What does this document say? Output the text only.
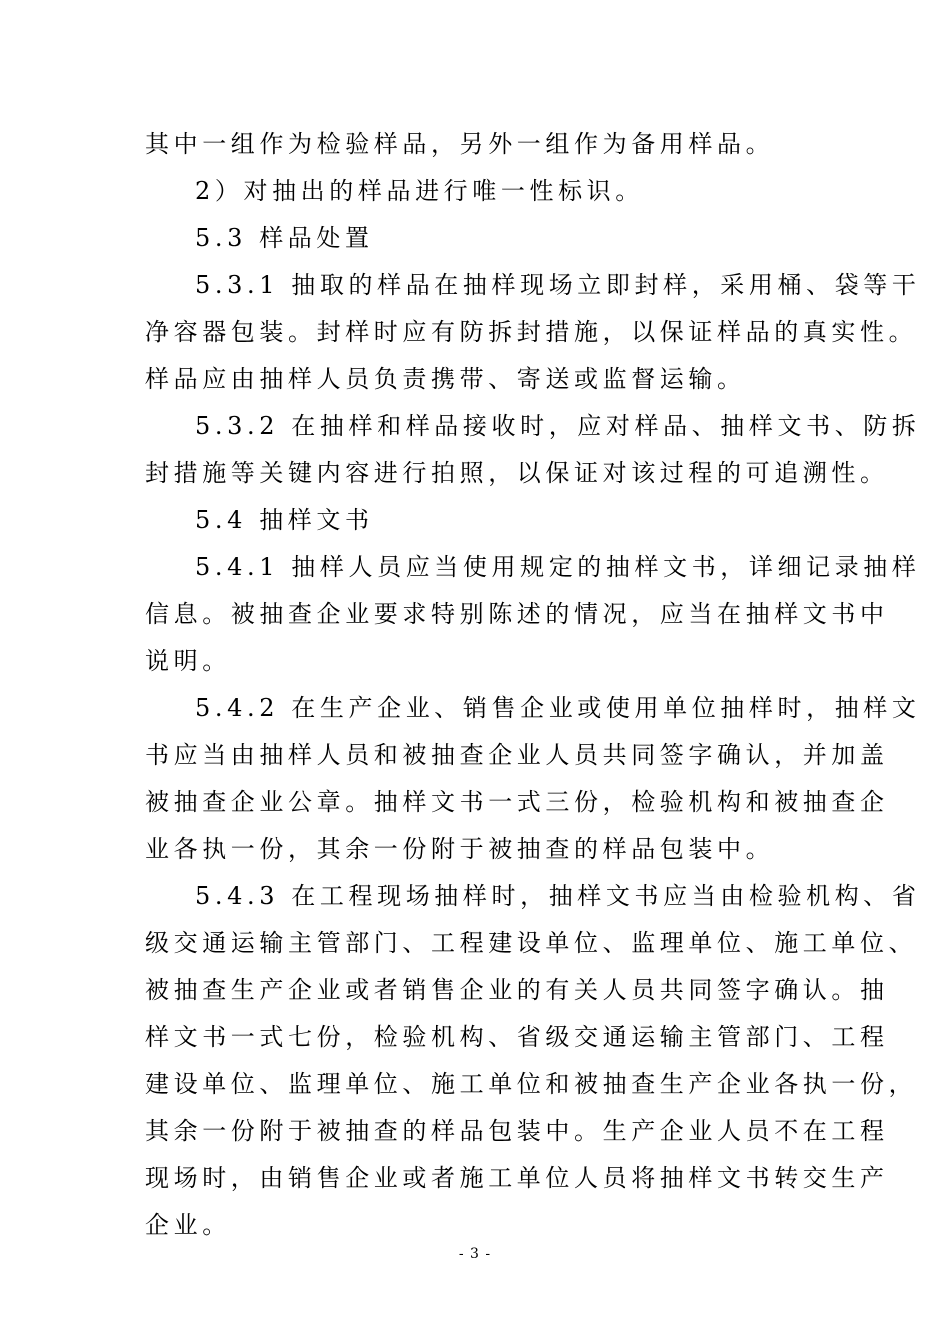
其中一组作为检验样品，另外一组作为备用样品。
2）对抽出的样品进行唯一性标识。
5.3 样品处置
5.3.1 抽取的样品在抽样现场立即封样，采用桶、袋等干
净容器包装。封样时应有防拆封措施，以保证样品的真实性。
样品应由抽样人员负责携带、寄送或监督运输。
5.3.2 在抽样和样品接收时，应对样品、抽样文书、防拆
封措施等关键内容进行拍照，以保证对该过程的可追溯性。
5.4 抽样文书
5.4.1 抽样人员应当使用规定的抽样文书，详细记录抽样
信息。被抽查企业要求特别陈述的情况，应当在抽样文书中
说明。
5.4.2 在生产企业、销售企业或使用单位抽样时，抽样文
书应当由抽样人员和被抽查企业人员共同签字确认，并加盖
被抽查企业公章。抽样文书一式三份，检验机构和被抽查企
业各执一份，其余一份附于被抽查的样品包装中。
5.4.3 在工程现场抽样时，抽样文书应当由检验机构、省
级交通运输主管部门、工程建设单位、监理单位、施工单位、
被抽查生产企业或者销售企业的有关人员共同签字确认。抽
样文书一式七份，检验机构、省级交通运输主管部门、工程
建设单位、监理单位、施工单位和被抽查生产企业各执一份，
其余一份附于被抽查的样品包装中。生产企业人员不在工程
现场时，由销售企业或者施工单位人员将抽样文书转交生产
企业。
- 3 -
